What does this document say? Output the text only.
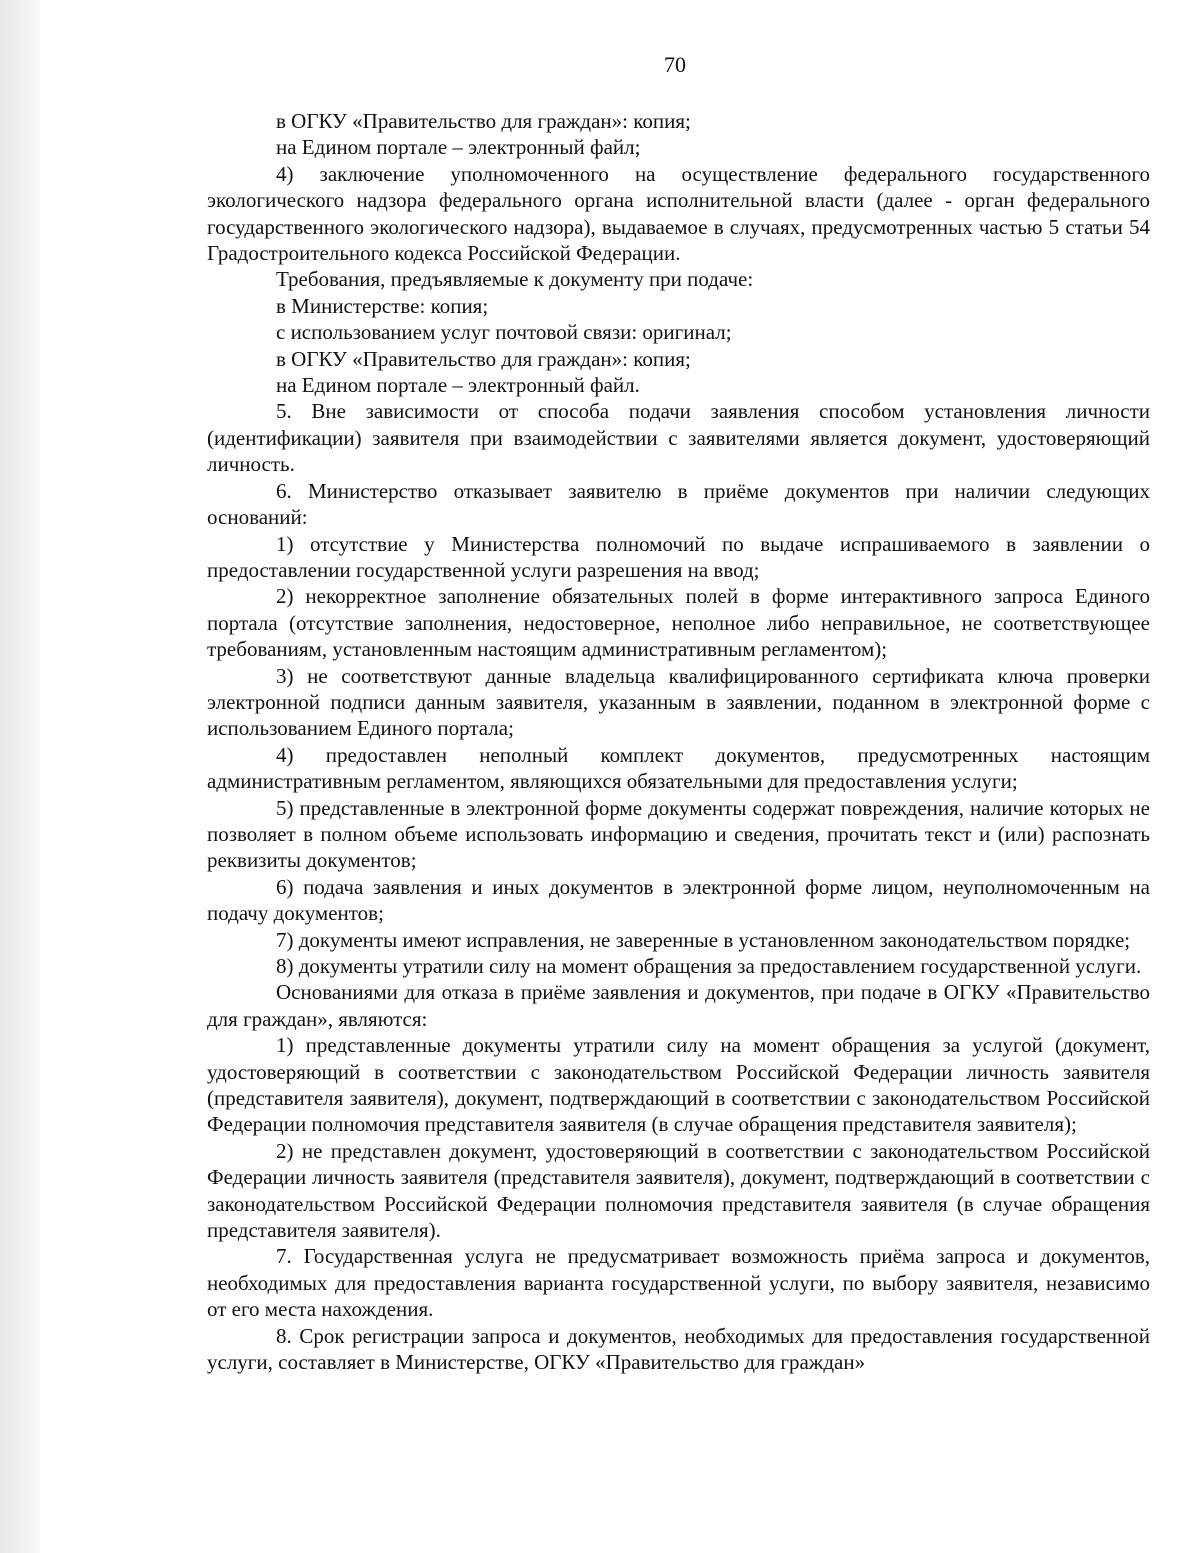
70

в ОГКУ «Правительство для граждан»: копия;

на Едином портале – электронный файл;

4) заключение уполномоченного на осуществление федерального государственного экологического надзора федерального органа исполнительной власти (далее - орган федерального государственного экологического надзора), выдаваемое в случаях, предусмотренных частью 5 статьи 54 Градостроительного кодекса Российской Федерации.

Требования, предъявляемые к документу при подаче:

в Министерстве: копия;

с использованием услуг почтовой связи: оригинал;

в ОГКУ «Правительство для граждан»: копия;

на Едином портале – электронный файл.

5. Вне зависимости от способа подачи заявления способом установления личности (идентификации) заявителя при взаимодействии с заявителями является документ, удостоверяющий личность.

6. Министерство отказывает заявителю в приёме документов при наличии следующих оснований:

1) отсутствие у Министерства полномочий по выдаче испрашиваемого в заявлении о предоставлении государственной услуги разрешения на ввод;

2) некорректное заполнение обязательных полей в форме интерактивного запроса Единого портала (отсутствие заполнения, недостоверное, неполное либо неправильное, не соответствующее требованиям, установленным настоящим административным регламентом);

3) не соответствуют данные владельца квалифицированного сертификата ключа проверки электронной подписи данным заявителя, указанным в заявлении, поданном в электронной форме с использованием Единого портала;

4) предоставлен неполный комплект документов, предусмотренных настоящим административным регламентом, являющихся обязательными для предоставления услуги;

5) представленные в электронной форме документы содержат повреждения, наличие которых не позволяет в полном объеме использовать информацию и сведения, прочитать текст и (или) распознать реквизиты документов;

6) подача заявления и иных документов в электронной форме лицом, неуполномоченным на подачу документов;

7) документы имеют исправления, не заверенные в установленном законодательством порядке;

8) документы утратили силу на момент обращения за предоставлением государственной услуги.

Основаниями для отказа в приёме заявления и документов, при подаче в ОГКУ «Правительство для граждан», являются:

1) представленные документы утратили силу на момент обращения за услугой (документ, удостоверяющий в соответствии с законодательством Российской Федерации личность заявителя (представителя заявителя), документ, подтверждающий в соответствии с законодательством Российской Федерации полномочия представителя заявителя (в случае обращения представителя заявителя);

2) не представлен документ, удостоверяющий в соответствии с законодательством Российской Федерации личность заявителя (представителя заявителя), документ, подтверждающий в соответствии с законодательством Российской Федерации полномочия представителя заявителя (в случае обращения представителя заявителя).

7. Государственная услуга не предусматривает возможность приёма запроса и документов, необходимых для предоставления варианта государственной услуги, по выбору заявителя, независимо от его места нахождения.

8. Срок регистрации запроса и документов, необходимых для предоставления государственной услуги, составляет в Министерстве, ОГКУ «Правительство для граждан»
